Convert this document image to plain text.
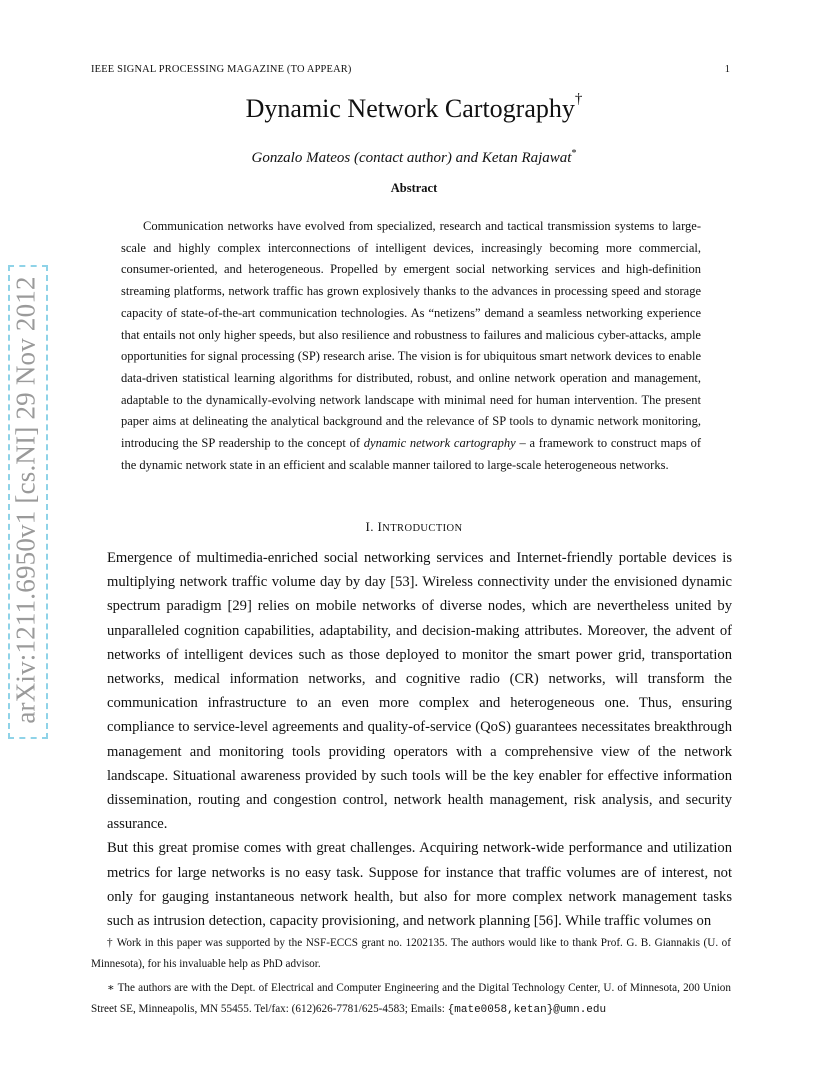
arXiv:1211.6950v1 [cs.NI] 29 Nov 2012
IEEE SIGNAL PROCESSING MAGAZINE (TO APPEAR)	1
Dynamic Network Cartography†
Gonzalo Mateos (contact author) and Ketan Rajawat*
Abstract

Communication networks have evolved from specialized, research and tactical transmission systems to large-scale and highly complex interconnections of intelligent devices, increasingly becoming more commercial, consumer-oriented, and heterogeneous. Propelled by emergent social networking services and high-definition streaming platforms, network traffic has grown explosively thanks to the advances in processing speed and storage capacity of state-of-the-art communication technologies. As “netizens” demand a seamless networking experience that entails not only higher speeds, but also resilience and robustness to failures and malicious cyber-attacks, ample opportunities for signal processing (SP) research arise. The vision is for ubiquitous smart network devices to enable data-driven statistical learning algorithms for distributed, robust, and online network operation and management, adaptable to the dynamically-evolving network landscape with minimal need for human intervention. The present paper aims at delineating the analytical background and the relevance of SP tools to dynamic network monitoring, introducing the SP readership to the concept of dynamic network cartography – a framework to construct maps of the dynamic network state in an efficient and scalable manner tailored to large-scale heterogeneous networks.

I. INTRODUCTION

Emergence of multimedia-enriched social networking services and Internet-friendly portable devices is multiplying network traffic volume day by day [53]. Wireless connectivity under the envisioned dynamic spectrum paradigm [29] relies on mobile networks of diverse nodes, which are nevertheless united by unparalleled cognition capabilities, adaptability, and decision-making attributes. Moreover, the advent of networks of intelligent devices such as those deployed to monitor the smart power grid, transportation networks, medical information networks, and cognitive radio (CR) networks, will transform the communication infrastructure to an even more complex and heterogeneous one. Thus, ensuring compliance to service-level agreements and quality-of-service (QoS) guarantees necessitates breakthrough management and monitoring tools providing operators with a comprehensive view of the network landscape. Situational awareness provided by such tools will be the key enabler for effective information dissemination, routing and congestion control, network health management, risk analysis, and security assurance.

But this great promise comes with great challenges. Acquiring network-wide performance and utilization metrics for large networks is no easy task. Suppose for instance that traffic volumes are of interest, not only for gauging instantaneous network health, but also for more complex network management tasks such as intrusion detection, capacity provisioning, and network planning [56]. While traffic volumes on

† Work in this paper was supported by the NSF-ECCS grant no. 1202135. The authors would like to thank Prof. G. B. Giannakis (U. of Minnesota), for his invaluable help as PhD advisor.

∗ The authors are with the Dept. of Electrical and Computer Engineering and the Digital Technology Center, U. of Minnesota, 200 Union Street SE, Minneapolis, MN 55455. Tel/fax: (612)626-7781/625-4583; Emails: {mate0058,ketan}@umn.edu
